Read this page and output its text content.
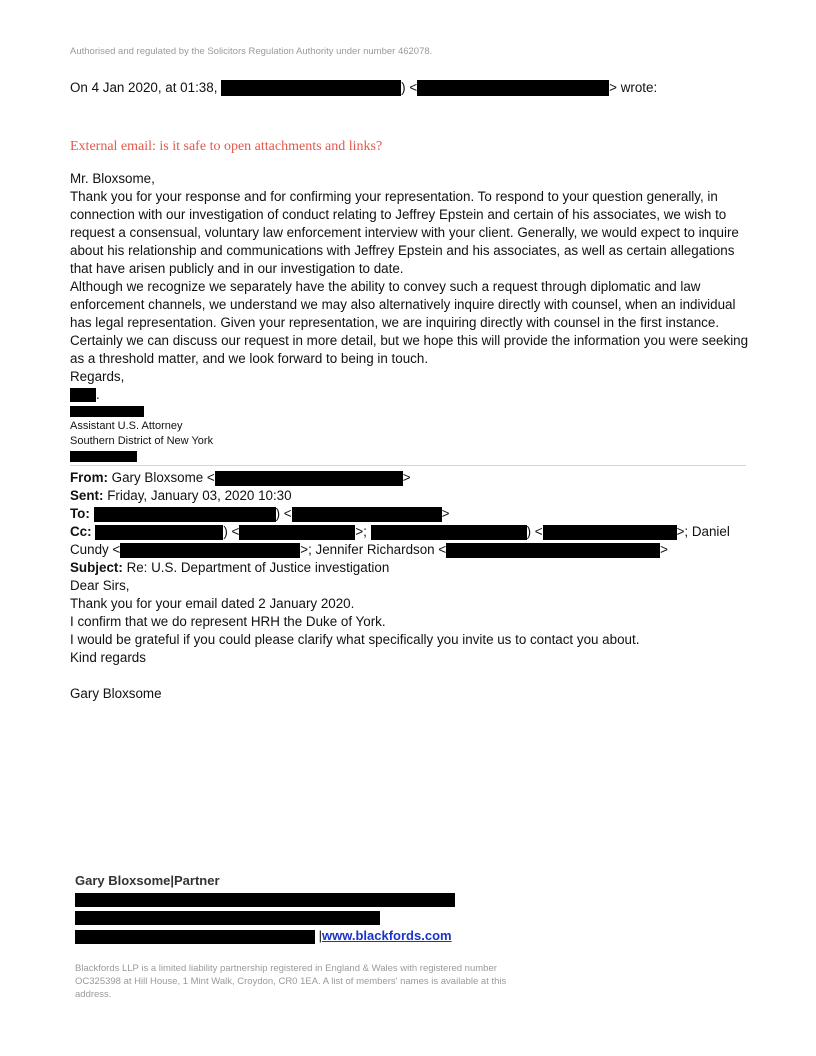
Authorised and regulated by the Solicitors Regulation Authority under number 462078.
On 4 Jan 2020, at 01:38,	) <	> wrote:
External email: is it safe to open attachments and links?
Mr. Bloxsome,
Thank you for your response and for confirming your representation. To respond to your question generally, in connection with our investigation of conduct relating to Jeffrey Epstein and certain of his associates, we wish to request a consensual, voluntary law enforcement interview with your client. Generally, we would expect to inquire about his relationship and communications with Jeffrey Epstein and his associates, as well as certain allegations that have arisen publicly and in our investigation to date.
Although we recognize we separately have the ability to convey such a request through diplomatic and law enforcement channels, we understand we may also alternatively inquire directly with counsel, when an individual has legal representation. Given your representation, we are inquiring directly with counsel in the first instance. Certainly we can discuss our request in more detail, but we hope this will provide the information you were seeking as a threshold matter, and we look forward to being in touch.
Regards,
.
Assistant U.S. Attorney
Southern District of New York
From: Gary Bloxsome <	>
Sent: Friday, January 03, 2020 10:30
To:	) <	>
Cc:	) <	>;	) <	>; Daniel
Cundy <	>; Jennifer Richardson <	>
Subject: Re: U.S. Department of Justice investigation
Dear Sirs,
Thank you for your email dated 2 January 2020.
I confirm that we do represent HRH the Duke of York.
I would be grateful if you could please clarify what specifically you invite us to contact you about.
Kind regards
Gary Bloxsome
Gary Bloxsome|Partner
|www.blackfords.com
Blackfords LLP is a limited liability partnership registered in England & Wales with registered number OC325398 at Hill House, 1 Mint Walk, Croydon, CR0 1EA. A list of members' names is available at this address.
